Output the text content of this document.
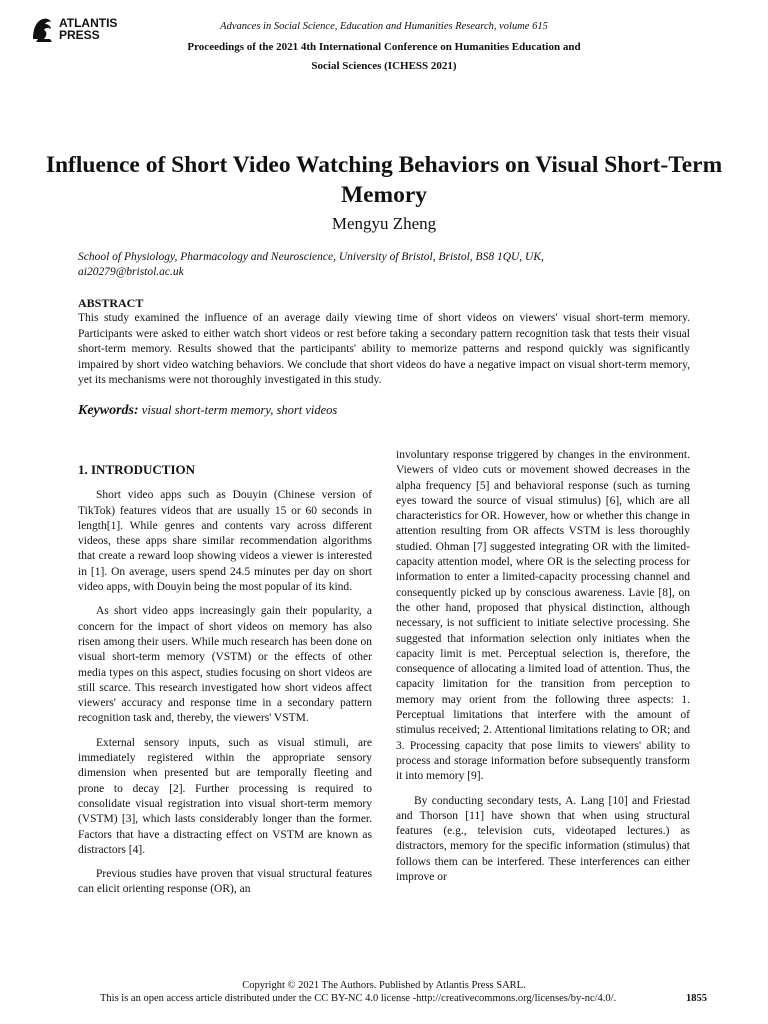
ATLANTIS
PRESS
Advances in Social Science, Education and Humanities Research, volume 615
Proceedings of the 2021 4th International Conference on Humanities Education and
Social Sciences (ICHESS 2021)
Influence of Short Video Watching Behaviors on Visual Short-Term Memory
Mengyu Zheng
School of Physiology, Pharmacology and Neuroscience, University of Bristol, Bristol, BS8 1QU, UK,
ai20279@bristol.ac.uk
ABSTRACT

This study examined the influence of an average daily viewing time of short videos on viewers' visual short-term memory. Participants were asked to either watch short videos or rest before taking a secondary pattern recognition task that tests their visual short-term memory. Results showed that the participants' ability to memorize patterns and respond quickly was significantly impaired by short video watching behaviors. We conclude that short videos do have a negative impact on visual short-term memory, yet its mechanisms were not thoroughly investigated in this study.

Keywords: visual short-term memory, short videos
1. INTRODUCTION

Short video apps such as Douyin (Chinese version of TikTok) features videos that are usually 15 or 60 seconds in length[1]. While genres and contents vary across different videos, these apps share similar recommendation algorithms that create a reward loop showing videos a viewer is interested in [1]. On average, users spend 24.5 minutes per day on short video apps, with Douyin being the most popular of its kind.

As short video apps increasingly gain their popularity, a concern for the impact of short videos on memory has also risen among their users. While much research has been done on visual short-term memory (VSTM) or the effects of other media types on this aspect, studies focusing on short videos are still scarce. This research investigated how short videos affect viewers' accuracy and response time in a secondary pattern recognition task and, thereby, the viewers' VSTM.

External sensory inputs, such as visual stimuli, are immediately registered within the appropriate sensory dimension when presented but are temporally fleeting and prone to decay [2]. Further processing is required to consolidate visual registration into visual short-term memory (VSTM) [3], which lasts considerably longer than the former. Factors that have a distracting effect on VSTM are known as distractors [4].

Previous studies have proven that visual structural features can elicit orienting response (OR), an

involuntary response triggered by changes in the environment. Viewers of video cuts or movement showed decreases in the alpha frequency [5] and behavioral response (such as turning eyes toward the source of visual stimulus) [6], which are all characteristics for OR. However, how or whether this change in attention resulting from OR affects VSTM is less thoroughly studied. Ohman [7] suggested integrating OR with the limited-capacity attention model, where OR is the selecting process for information to enter a limited-capacity processing channel and consequently picked up by conscious awareness. Lavie [8], on the other hand, proposed that physical distinction, although necessary, is not sufficient to initiate selective processing. She suggested that information selection only initiates when the capacity limit is met. Perceptual selection is, therefore, the consequence of allocating a limited load of attention. Thus, the capacity limitation for the transition from perception to memory may orient from the following three aspects: 1. Perceptual limitations that interfere with the amount of stimulus received; 2. Attentional limitations relating to OR; and 3. Processing capacity that pose limits to viewers' ability to process and storage information before subsequently transform it into memory [9].

By conducting secondary tests, A. Lang [10] and Friestad and Thorson [11] have shown that when using structural features (e.g., television cuts, videotaped lectures.) as distractors, memory for the specific information (stimulus) that follows them can be interfered. These interferences can either improve or

Copyright © 2021 The Authors. Published by Atlantis Press SARL.
This is an open access article distributed under the CC BY-NC 4.0 license -http://creativecommons.org/licenses/by-nc/4.0/.	1855
